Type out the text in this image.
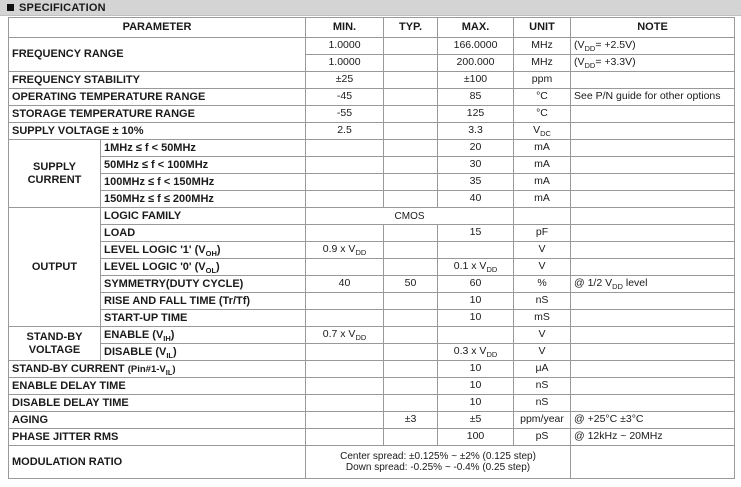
SPECIFICATION
PARAMETER		MIN.	TYP.	MAX.	UNIT	NOTE
FREQUENCY RANGE		1.0000		166.0000	MHz	$(V_{DD}= +2.5V)$
		1.0000		200.000	MHz	$(V_{DD}= +3.3V)$
FREQUENCY STABILITY		±25		±100	ppm	
OPERATING TEMPERATURE RANGE		-45		85	°C	See P/N guide for other options
STORAGE TEMPERATURE RANGE		-55		125	°C	
SUPPLY VOLTAGE ± 10%		2.5		3.3	$V_{DC}$	
SUPPLY
CURRENT	1MHz ≤ f < 50MHz			20	mA	
	50MHz ≤ f < 100MHz			30	mA	
	100MHz ≤ f < 150MHz			35	mA	
	150MHz ≤ f ≤ 200MHz			40	mA	
OUTPUT	LOGIC FAMILY	CMOS				
	LOAD			15	pF	
	LEVEL LOGIC '1' $(V_{OH})$	0.9 x $V_{DD}$			V	
	LEVEL LOGIC '0' $(V_{OL})$			0.1 x $V_{DD}$	V	
	SYMMETRY(DUTY CYCLE)	40	50	60	%	@ 1/2 $V_{DD}$ level
	RISE AND FALL TIME (Tr/Tf)			10	nS	
	START-UP TIME			10	mS	
STAND-BY
VOLTAGE	ENABLE $(V_{IH})$	0.7 x $V_{DD}$			V	
	DISABLE $(V_{IL})$			0.3 x $V_{DD}$	V	
STAND-BY CURRENT $(Pin\#1-V_{IL})$				10	μA	
ENABLE DELAY TIME				10	nS	
DISABLE DELAY TIME				10	nS	
AGING			±3	±5	ppm/year	@ +25°C ±3°C
PHASE JITTER RMS				100	pS	@ 12kHz ~ 20MHz
MODULATION RATIO		Center spread: ±0.125% ~ ±2% (0.125 step)
Down spread: -0.25% ~ -0.4% (0.25 step)				
